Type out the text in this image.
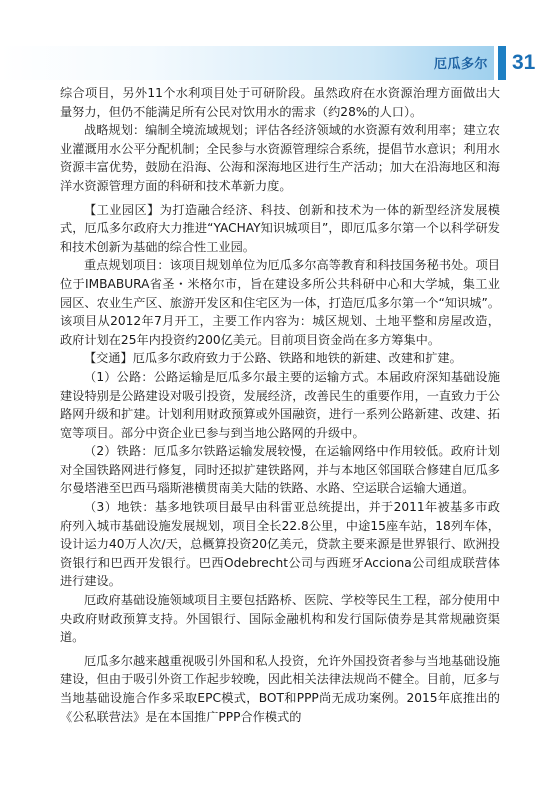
厄瓜多尔 31

综合项目，另外11个水利项目处于可研阶段。虽然政府在水资源治理方面做出大量努力，但仍不能满足所有公民对饮用水的需求（约28%的人口）。

战略规划：编制全境流域规划；评估各经济领域的水资源有效利用率；建立农业灌溉用水公平分配机制；全民参与水资源管理综合系统，提倡节水意识；利用水资源丰富优势，鼓励在沿海、公海和深海地区进行生产活动；加大在沿海地区和海洋水资源管理方面的科研和技术革新力度。

【工业园区】为打造融合经济、科技、创新和技术为一体的新型经济发展模式，厄瓜多尔政府大力推进“YACHAY知识城项目”，即厄瓜多尔第一个以科学研发和技术创新为基础的综合性工业园。

重点规划项目：该项目规划单位为厄瓜多尔高等教育和科技国务秘书处。项目位于IMBABURA省圣・米格尔市，旨在建设多所公共科研中心和大学城，集工业园区、农业生产区、旅游开发区和住宅区为一体，打造厄瓜多尔第一个“知识城”。该项目从2012年7月开工，主要工作内容为：城区规划、土地平整和房屋改造，政府计划在25年内投资约200亿美元。目前项目资金尚在多方筹集中。

【交通】厄瓜多尔政府致力于公路、铁路和地铁的新建、改建和扩建。

（1）公路：公路运输是厄瓜多尔最主要的运输方式。本届政府深知基础设施建设特别是公路建设对吸引投资，发展经济，改善民生的重要作用，一直致力于公路网升级和扩建。计划利用财政预算或外国融资，进行一系列公路新建、改建、拓宽等项目。部分中资企业已参与到当地公路网的升级中。

（2）铁路：厄瓜多尔铁路运输发展较慢，在运输网络中作用较低。政府计划对全国铁路网进行修复，同时还拟扩建铁路网，并与本地区邻国联合修建自厄瓜多尔曼塔港至巴西马瑙斯港横贯南美大陆的铁路、水路、空运联合运输大通道。

（3）地铁：基多地铁项目最早由科雷亚总统提出，并于2011年被基多市政府列入城市基础设施发展规划，项目全长22.8公里，中途15座车站，18列车体，设计运力40万人次/天，总概算投资20亿美元，贷款主要来源是世界银行、欧洲投资银行和巴西开发银行。巴西Odebrecht公司与西班牙Acciona公司组成联营体进行建设。

厄政府基础设施领域项目主要包括路桥、医院、学校等民生工程，部分使用中央政府财政预算支持。外国银行、国际金融机构和发行国际债券是其常规融资渠道。

厄瓜多尔越来越重视吸引外国和私人投资，允许外国投资者参与当地基础设施建设，但由于吸引外资工作起步较晚，因此相关法律法规尚不健全。目前，厄多与当地基础设施合作多采取EPC模式，BOT和PPP尚无成功案例。2015年底推出的《公私联营法》是在本国推广PPP合作模式的
